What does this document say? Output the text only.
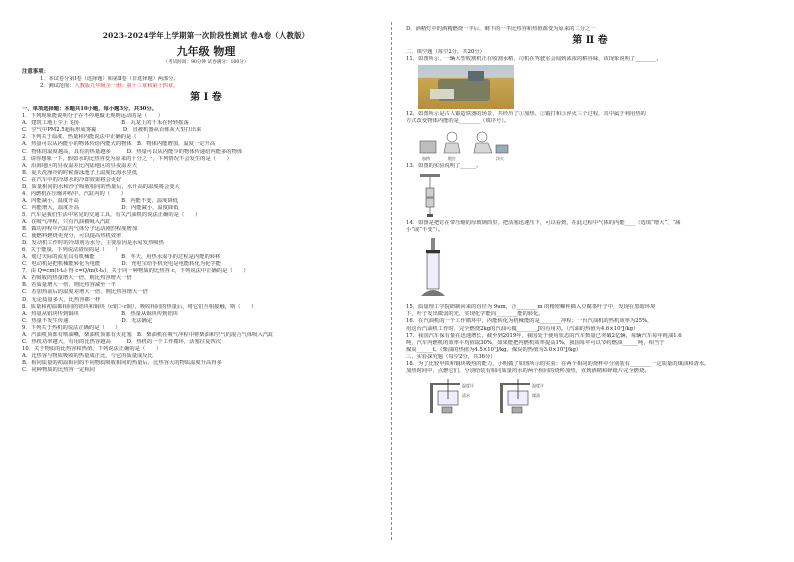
2023-2024学年上学期第一次阶段性测试 卷A卷（人教版）
九年级 物理
（考试时间：90分钟 试卷满分：100分）
注意事项：
1．本试卷分第Ⅰ卷（选择题）和第Ⅱ卷（非选择题）两部分。
2．测试范围：人教版九年级全一册：第十三章和第十四章。
第 Ⅰ 卷
一、单项选择题：本题共10小题，每小题3分，共30分。
1．下列现象能说明分子在不停地做无规则运动的是（　　）
A．建筑工地上尘土飞扬　　　　　　　　B．丸龙上的千禾在轻轻摇荡
C．空气中PM2.5超标形成雾霾　　　　　D．冒被机器从百炼灰大里打出来
2．下列关于温度、热量和内能说法中正确的是（　　）
A．热量可以从内能小的物体传给内能大的物体　B．物体内能增加，温度一定升高
C．物体的温度越高，具有的热量越多　　　D．热量可以从内能少的物体传递给内能多的物体
3．请你想象一下，假如水的比热容变为原来的十分之一，下列情况不会发生的是（　　）
A．沿海地区的昼夜温差比内陆地区的昼夜温差大
B．夏天洗澡冷的时候游泳池子上温度比海水里低
C．在汽车中的冷却水的冷却效果将会更好
D．质量相同的水和沙子吸收相同的热量后，水升高的温度将会变大
4．内燃机在压缩冲程中，汽缸内的（　　）
A．内能减小，温度升高　　　　　　　　B．内能不变，温度降低
C．内能增大，温度升高　　　　　　　　D．内能减小，温度降低
5．汽车是我们生活中常见的交通工具，有关汽油机的说法正确的是（　　）
A．在吸气冲程，只有汽油被吸入汽缸
B．做功冲程中汽缸内气体分子运动剧烈程度增加
C．使燃料燃烧更充分，可以提高热机效率
D．发动机工作时的冷却剂为水分，主要原因是水易发热吸热
6．关于能量，下列说法错误的是（　　）
A．划过天际的流星具有机械能　　　　　B．冬天，用热水湿手的过程是内能的转移
C．电动机是把机械能转化为电能　　　　D．充电宝给手机充电是电能转化为化学能
7．由 Q=cm(t-t₀) 得 c=Q/m(t-t₀)，关于同一种物质的比热容 c，下列说法中正确的是（　　）
A．若吸收的热量增大一倍，则比热容增大一倍
B．若质量增大一倍，则比热容减至一半
C．若加热前后的温度差增大一倍，则比热容增大一倍
D．无论质量多大，比热容都一样
8．质量和初温都相同的铝块和铜块（c铝＞c铜），吸收相同的热量后，将它们互相接触，则（　　）
A．热量从铝块传到铜块　　　　　　　　B．热量从铜块传到铝块
C．热量不发生传递　　　　　　　　　　D．无法确定
9．下列关于热机的说法正确的是（　　）
A．汽油机顶部有喷油嘴，柴油机顶部有火花塞　B．柴油机在吸气冲程中将柴油和空气的混合气体吸入汽缸
C．热机功率越大，有用的比热容越高　　　D．热机的一个工作循环，活塞往复四次
10．关于物质的比热容和热值，下列说法正确的是（　　）
A．比热容与物质吸收的热量成正比，与它的质量成反比
B．相同质量的初温相同的不同物质吸收相同的热量后，比热容大的物质温度升高得多
C．同种物质的比热容一定相同
D．酒精灯中的酒精燃烧一半后，剩下的一半比热容和热值都变为原来的二分之一
第 Ⅱ 卷
二、填空题（每空2分，共20分）
11．如图所示，一辆大型收割机正在收割水稻，司机在驾驶室会闻到浓浓的稻谷味，该现象说明了________。
12．如图所示是古人锻造铁器的场景，共经历了①加热、②锻打和③淬火三个过程，其中属于利用热的
方式改变物体内能的是________（填序号）。
加热	锻打	淬火
13．如图的实验说明了______。
14．如图是把钉在带压缩的厚玻璃筒里，把活塞迅速压下，可以看到，在此过程中气体的内能____（选填“增大”、“减
小”或“不变”）。
15．质量理工学院研制回来的直径为 9um，合________m 的精密螺栓插入豆腐茶叶子中，发现在黑暗环境
下，叶子发出微弱的光，实现化学能向________能的转化。
16．在汽油机的一个工作循环中，内能转化为机械能的是________冲程；一台汽油机的热机效率为25%，
用这台汽油机工作时，完全燃烧2kg的汽油可做________J的有用功。（汽油的热值为4.6×10⁷J/kg）
17．我国汽车保有量在迅速增长，截至到2019年，我国处于使用状态的汽车数量已突破2亿辆，每辆汽车每年耗油1.6
吨，汽车内燃机的效率平均值取30%，如果能把内燃机效率提高1%，我国每年可以节约燃油______吨，相当于
煤炭______t。（柴油的热值为4.5×10⁷J/kg，煤炭的热值为3.0×10⁷J/kg）
三、实验探究题（每空2分，共36分）
18．为了比较甲铁和铜块吸热的能力，小明做了如图所示的实验：在两个相同的烧杯中分别装有________一定质量的煤油和清水。
加热时间中，点燃它们，分别给装有相同质量的水的两个相同的烧杯加热，直到酒精和碎纸片完全燃烧。
温度计
清水
温度计
煤油
